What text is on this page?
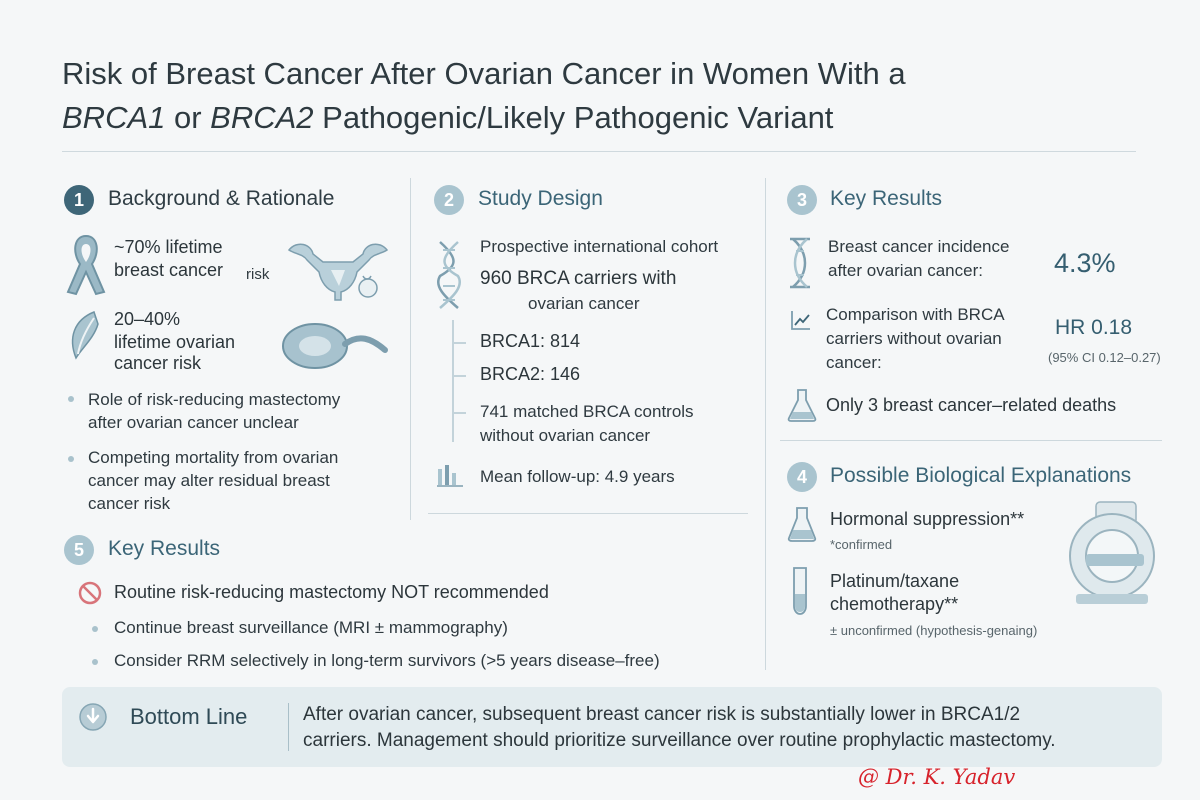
Risk of Breast Cancer After Ovarian Cancer in Women With a
BRCA1 or BRCA2 Pathogenic/Likely Pathogenic Variant
1	Background & Rationale
~70% lifetime
breast cancer risk
20–40%
lifetime ovarian
cancer risk
Role of risk-reducing mastectomy
after ovarian cancer unclear
Competing mortality from ovarian
cancer may alter residual breast
cancer risk
2	Study Design
Prospective international cohort
960 BRCA carriers with
ovarian cancer
BRCA1: 814
BRCA2: 146
741 matched BRCA controls
without ovarian cancer
Mean follow-up: 4.9 years
3	Key Results
Breast cancer incidence
after ovarian cancer:	4.3%
Comparison with BRCA
carriers without ovarian
cancer:
HR 0.18
(95% CI 0.12–0.27)
Only 3 breast cancer–related deaths
4	Possible Biological Explanations
Hormonal suppression**
*confirmed
Platinum/taxane
chemotherapy**
± unconfirmed (hypothesis-genaing)
5	Key Results
Routine risk-reducing mastectomy NOT recommended
Continue breast surveillance (MRI ± mammography)
Consider RRM selectively in long-term survivors (>5 years disease–free)
Bottom Line	After ovarian cancer, subsequent breast cancer risk is substantially lower in BRCA1/2
carriers. Management should prioritize surveillance over routine prophylactic mastectomy.
@ Dr. K. Yadav
